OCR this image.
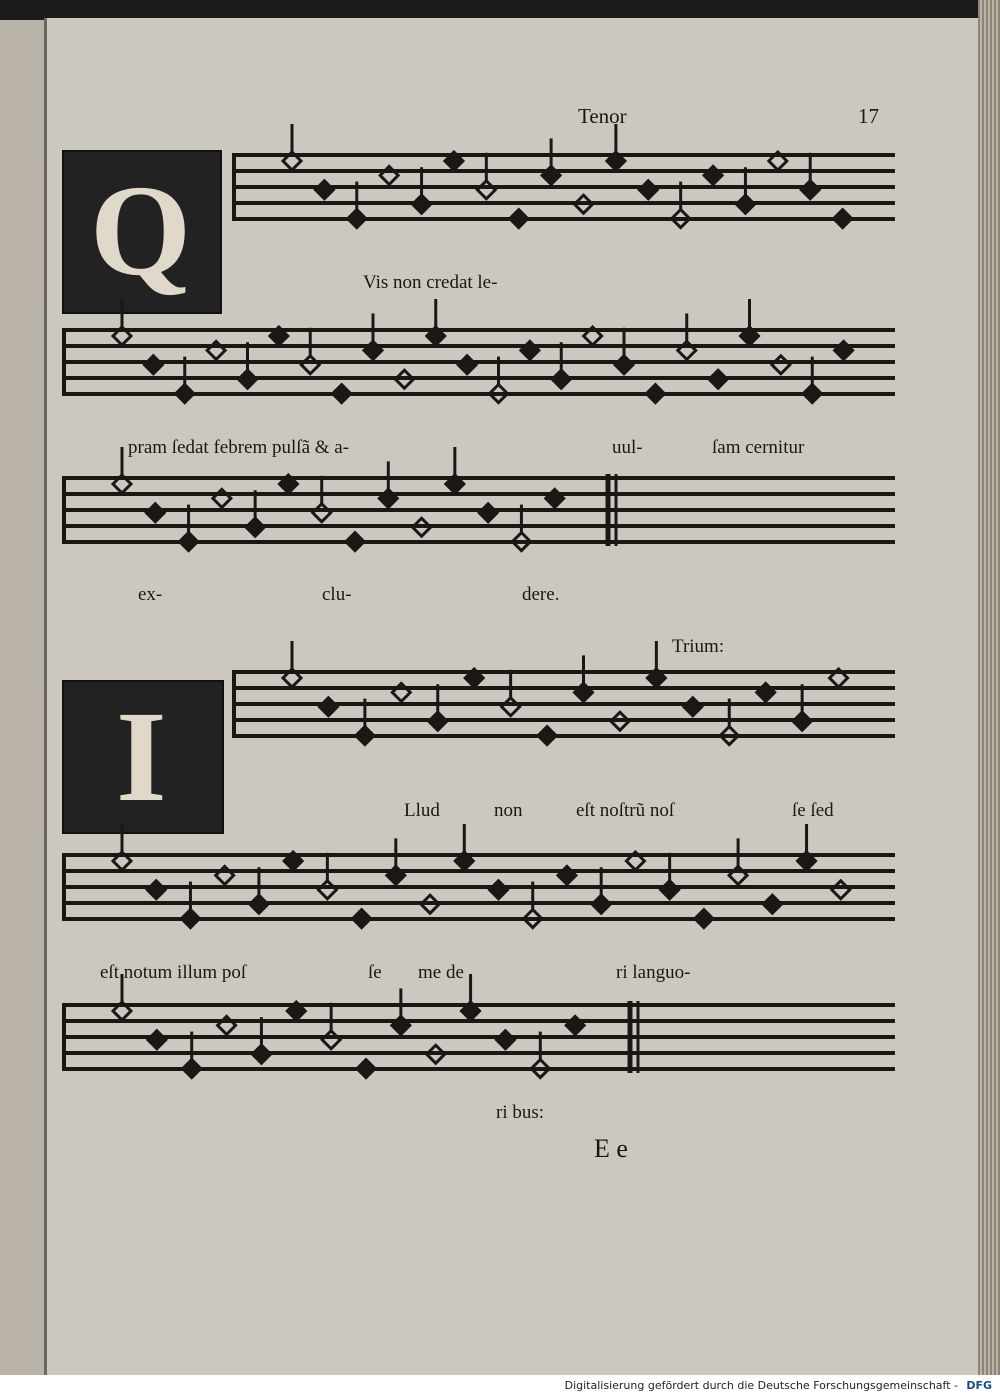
Tenor	17
Q
I
Vis non credat le-
pram ſedat febrem pulſã & a-	uul-	ſam cernitur
ex-	clu-	dere.
Trium:
Llud	non	eſt noſtrũ noſ	ſe ſed
eſt notum illum poſ	ſe me de	ri languo-
ri bus:
E e
Digitalisierung gefördert durch die Deutsche Forschungsgemeinschaft - DFG
